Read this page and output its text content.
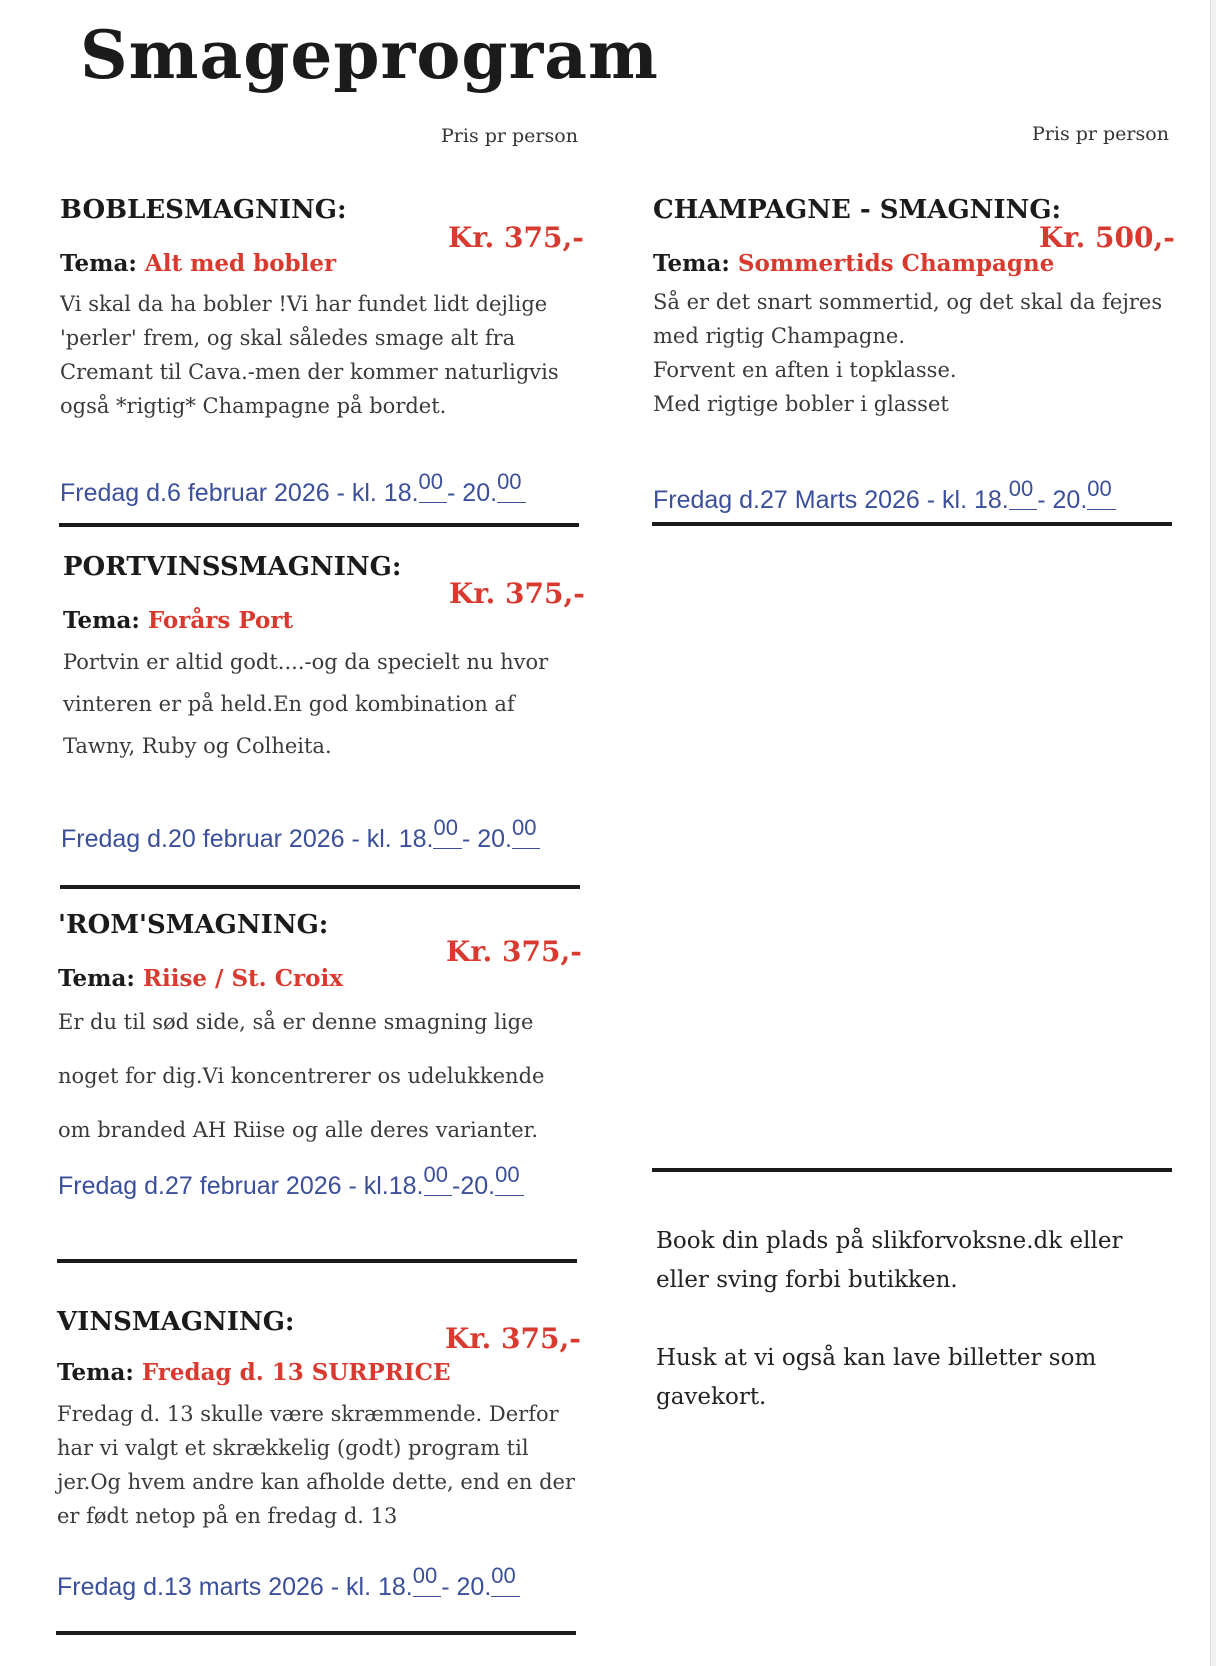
Smageprogram
Pris pr person	Pris pr person
BOBLESMAGNING:
Kr. 375,-
Tema: Alt med bobler
Vi skal da ha bobler !Vi har fundet lidt dejlige
'perler' frem, og skal således smage alt fra
Cremant til Cava.-men der kommer naturligvis
også *rigtig* Champagne på bordet.
Fredag d.6 februar 2026 - kl. 18.00 - 20.00
PORTVINSSMAGNING:
Kr. 375,-
Tema: Forårs Port
Portvin er altid godt....-og da specielt nu hvor
vinteren er på held.En god kombination af
Tawny, Ruby og Colheita.
Fredag d.20 februar 2026 - kl. 18.00 - 20.00
'ROM'SMAGNING:
Kr. 375,-
Tema: Riise / St. Croix
Er du til sød side, så er denne smagning lige
noget for dig.Vi koncentrerer os udelukkende
om branded AH Riise og alle deres varianter.
Fredag d.27 februar 2026 - kl.18.00 -20.00
VINSMAGNING:	Kr. 375,-
Tema: Fredag d. 13 SURPRICE
Fredag d. 13 skulle være skræmmende. Derfor
har vi valgt et skrækkelig (godt) program til
jer.Og hvem andre kan afholde dette, end en der
er født netop på en fredag d. 13
Fredag d.13 marts 2026 - kl. 18.00 - 20.00
CHAMPAGNE - SMAGNING:
Kr. 500,-
Tema: Sommertids Champagne
Så er det snart sommertid, og det skal da fejres
med rigtig Champagne.
Forvent en aften i topklasse.
Med rigtige bobler i glasset
Fredag d.27 Marts 2026 - kl. 18.00 - 20.00
Book din plads på slikforvoksne.dk eller
eller sving forbi butikken.
Husk at vi også kan lave billetter som
gavekort.
